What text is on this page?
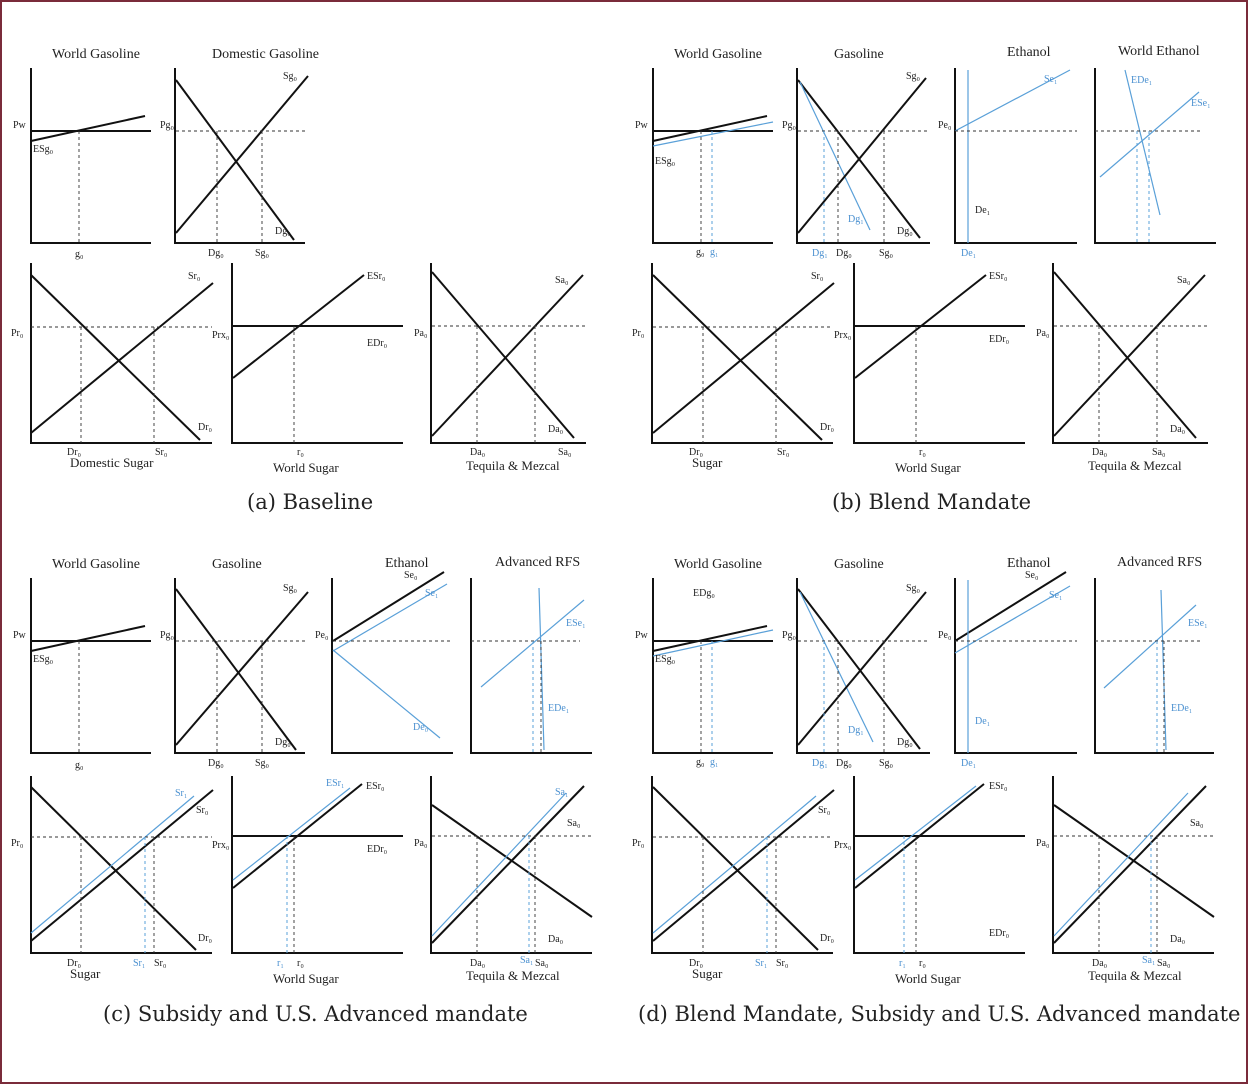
World Gasoline
Pw
ESg₀
g₀
Domestic Gasoline
Pg₀
Sg₀
Dg₀
Dg₀	Sg₀
Pr₀
Sr₀
Dr₀
Dr₀	Sr₀
Domestic Sugar
Prx₀
ESr₀
EDr₀
r₀
World Sugar
Pa₀
Sa₀
Da₀
Da₀	Sa₀
Tequila & Mezcal
(a) Baseline
World Gasoline
Pw
ESg₀
g₀ g₁
Gasoline
Pg₀
Sg₀
Dg₁
Dg₀
Dg₁ Dg₀	Sg₀
Ethanol
Pe₀
Se₁
De₁
De₁
World Ethanol
EDe₁
ESe₁
Pr₀
Sr₀
Dr₀
Dr₀	Sr₀
Sugar
Prx₀
ESr₀
EDr₀
r₀
World Sugar
Pa₀
Sa₀
Da₀
Da₀	Sa₀
Tequila & Mezcal
(b) Blend Mandate
World Gasoline
Pw
ESg₀
g₀
Gasoline
Pg₀
Sg₀
Dg₀
Dg₀	Sg₀
Ethanol
Pe₀
Se₀
Se₁
De₀
Advanced RFS
ESe₁
EDe₁
Pr₀
Sr₁
Sr₀
Dr₀
Dr₀	Sr₁ Sr₀
Sugar
Prx₀
ESr₁ ESr₀
EDr₀
r₁ r₀
World Sugar
Pa₀
Sa₁
Sa₀
Da₀
Da₀	Sa₁ Sa₀
Tequila & Mezcal
(c) Subsidy and U.S. Advanced mandate
World Gasoline
EDg₀
Pw
ESg₀
g₀ g₁
Gasoline
Pg₀
Sg₀
Dg₁
Dg₀
Dg₁ Dg₀	Sg₀
Ethanol
Pe₀
Se₀
Se₁
De₁
De₁
Advanced RFS
ESe₁
EDe₁
Pr₀
Sr₀
Dr₀
Dr₀	Sr₁ Sr₀
Sugar
Prx₀
ESr₀
EDr₀
r₁ r₀
World Sugar
Pa₀
Sa₀
Da₀
Da₀	Sa₁ Sa₀
Tequila & Mezcal
(d) Blend Mandate, Subsidy and U.S. Advanced mandate
